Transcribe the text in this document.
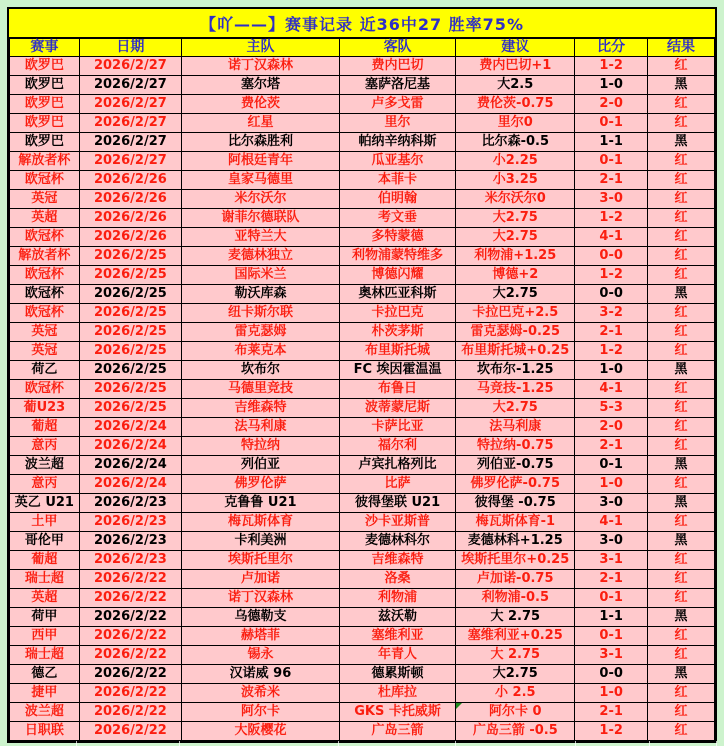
【吖——】赛事记录 近36中27 胜率75%
赛事	日期	主队	客队	建议	比分	结果
欧罗巴	2026/2/27	诺丁汉森林	费内巴切	费内巴切+1	1-2	红
欧罗巴	2026/2/27	塞尔塔	塞萨洛尼基	大2.5	1-0	黑
欧罗巴	2026/2/27	费伦茨	卢多戈雷	费伦茨-0.75	2-0	红
欧罗巴	2026/2/27	红星	里尔	里尔0	0-1	红
欧罗巴	2026/2/27	比尔森胜利	帕纳辛纳科斯	比尔森-0.5	1-1	黑
解放者杯	2026/2/27	阿根廷青年	瓜亚基尔	小2.25	0-1	红
欧冠杯	2026/2/26	皇家马德里	本菲卡	小3.25	2-1	红
英冠	2026/2/26	米尔沃尔	伯明翰	米尔沃尔0	3-0	红
英超	2026/2/26	谢菲尔德联队	考文垂	大2.75	1-2	红
欧冠杯	2026/2/26	亚特兰大	多特蒙德	大2.75	4-1	红
解放者杯	2026/2/25	麦德林独立	利物浦蒙特维多	利物浦+1.25	0-0	红
欧冠杯	2026/2/25	国际米兰	博德闪耀	博德+2	1-2	红
欧冠杯	2026/2/25	勒沃库森	奥林匹亚科斯	大2.75	0-0	黑
欧冠杯	2026/2/25	纽卡斯尔联	卡拉巴克	卡拉巴克+2.5	3-2	红
英冠	2026/2/25	雷克瑟姆	朴茨茅斯	雷克瑟姆-0.25	2-1	红
英冠	2026/2/25	布莱克本	布里斯托城	布里斯托城+0.25	1-2	红
荷乙	2026/2/25	坎布尔	FC 埃因霍温温	坎布尔-1.25	1-0	黑
欧冠杯	2026/2/25	马德里竞技	布鲁日	马竞技-1.25	4-1	红
葡U23	2026/2/25	吉维森特	波蒂蒙尼斯	大2.75	5-3	红
葡超	2026/2/24	法马利康	卡萨比亚	法马利康	2-0	红
意丙	2026/2/24	特拉纳	福尔利	特拉纳-0.75	2-1	红
波兰超	2026/2/24	列伯亚	卢宾扎格列比	列伯亚-0.75	0-1	黑
意丙	2026/2/24	佛罗伦萨	比萨	佛罗伦萨-0.75	1-0	红
英乙 U21	2026/2/23	克鲁鲁 U21	彼得堡联 U21	彼得堡 -0.75	3-0	黑
土甲	2026/2/23	梅瓦斯体育	沙卡亚斯普	梅瓦斯体育-1	4-1	红
哥伦甲	2026/2/23	卡利美洲	麦德林科尔	麦德林科+1.25	3-0	黑
葡超	2026/2/23	埃斯托里尔	吉维森特	埃斯托里尔+0.25	3-1	红
瑞士超	2026/2/22	卢加诺	洛桑	卢加诺-0.75	2-1	红
英超	2026/2/22	诺丁汉森林	利物浦	利物浦-0.5	0-1	红
荷甲	2026/2/22	乌德勒支	兹沃勒	大 2.75	1-1	黑
西甲	2026/2/22	赫塔菲	塞维利亚	塞维利亚+0.25	0-1	红
瑞士超	2026/2/22	锡永	年青人	大 2.75	3-1	红
德乙	2026/2/22	汉诺威 96	德累斯顿	大2.75	0-0	黑
捷甲	2026/2/22	波希米	杜库拉	小 2.5	1-0	红
波兰超	2026/2/22	阿尔卡	GKS 卡托威斯	阿尔卡 0	2-1	红
日职联	2026/2/22	大阪樱花	广岛三箭	广岛三箭 -0.5	1-2	红
